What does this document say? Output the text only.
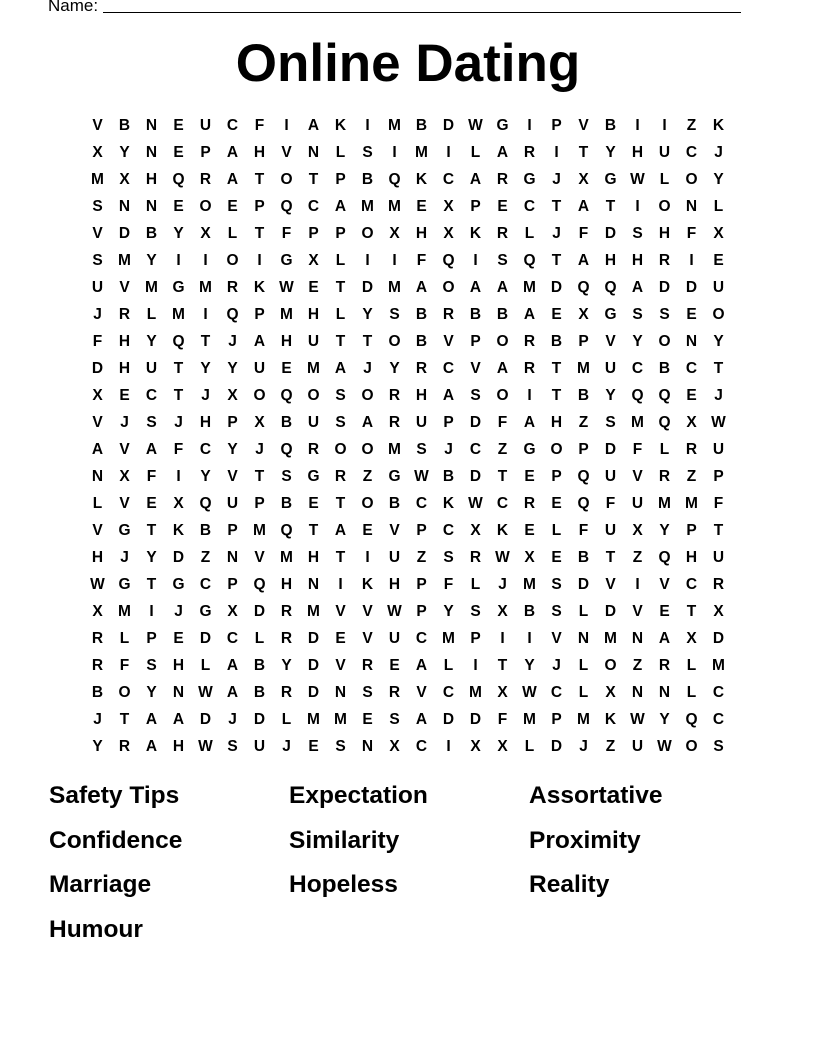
Name:
Online Dating
V	B	N	E	U	C	F	I	A	K	I	M B	D W G	I	P	V	B	I	I	Z	K
X	Y	N	E	P	A	H	V	N	L	S	I	M	I	L	A	R	I	T	Y	H	U	C	J
M X	H Q R	A	T	O	T	P	B Q K	C	A	R G	J	X	G W L	O	Y
S	N	N	E	O	E	P	Q C	A M M E	X	P	E	C	T	A	T	I	O N	L
V	D	B	Y	X	L	T	F	P	P	O	X	H	X	K	R	L	J	F	D	S	H	F	X
S M Y	I	I	O	I	G	X	L	I	I	F	Q	I	S	Q	T	A	H	H	R	I	E
U	V M G M R	K W E	T	D M A O A	A M D Q Q A	D	D	U
J	R	L	M	I	Q	P M H	L	Y	S	B	R	B	B	A	E	X	G	S	S	E	O
F	H	Y	Q	T	J	A	H	U	T	T	O B	V	P	O R	B	P	V	Y	O N	Y
D	H	U	T	Y	Y	U	E M A	J	Y	R	C	V	A	R	T	M U	C	B	C	T
X	E	C	T	J	X	O Q O	S	O R	H	A	S	O	I	T	B	Y	Q Q	E	J
V	J	S	J	H	P	X	B	U	S	A	R	U	P	D	F	A	H	Z	S M Q	X W
A	V	A	F	C	Y	J	Q R O O M S	J	C	Z	G O	P	D	F	L	R	U
N	X	F	I	Y	V	T	S	G R	Z	G W B	D	T	E	P	Q U	V	R	Z	P
L	V	E	X	Q U	P	B	E	T	O B	C	K W C	R	E	Q	F	U M M	F
V	G	T	K	B	P M Q	T	A	E	V	P	C	X	K	E	L	F	U	X	Y	P	T
H	J	Y	D	Z	N	V M H	T	I	U	Z	S	R W X	E	B	T	Z	Q H	U
W G	T	G C	P	Q H	N	I	K	H	P	F	L	J	M S	D	V	I	V	C	R
X M	I	J	G	X	D	R M V	V W P	Y	S	X	B	S	L	D	V	E	T	X
R	L	P	E	D	C	L	R	D	E	V	U	C M P	I	I	V	N M N	A	X	D
R	F	S	H	L	A	B	Y	D	V	R	E	A	L	I	T	Y	J	L	O	Z	R	L	M
B O	Y	N W A	B	R	D	N	S	R	V	C M X W C	L	X	N	N	L	C
J	T	A	A	D	J	D	L	M M E	S	A	D	D	F	M P M K W Y	Q C
Y	R	A	H W S	U	J	E	S	N	X	C	I	X	X	L	D	J	Z	U W O	S
Safety Tips	Expectation	Assortative
Confidence	Similarity	Proximity
Marriage	Hopeless	Reality
Humour
